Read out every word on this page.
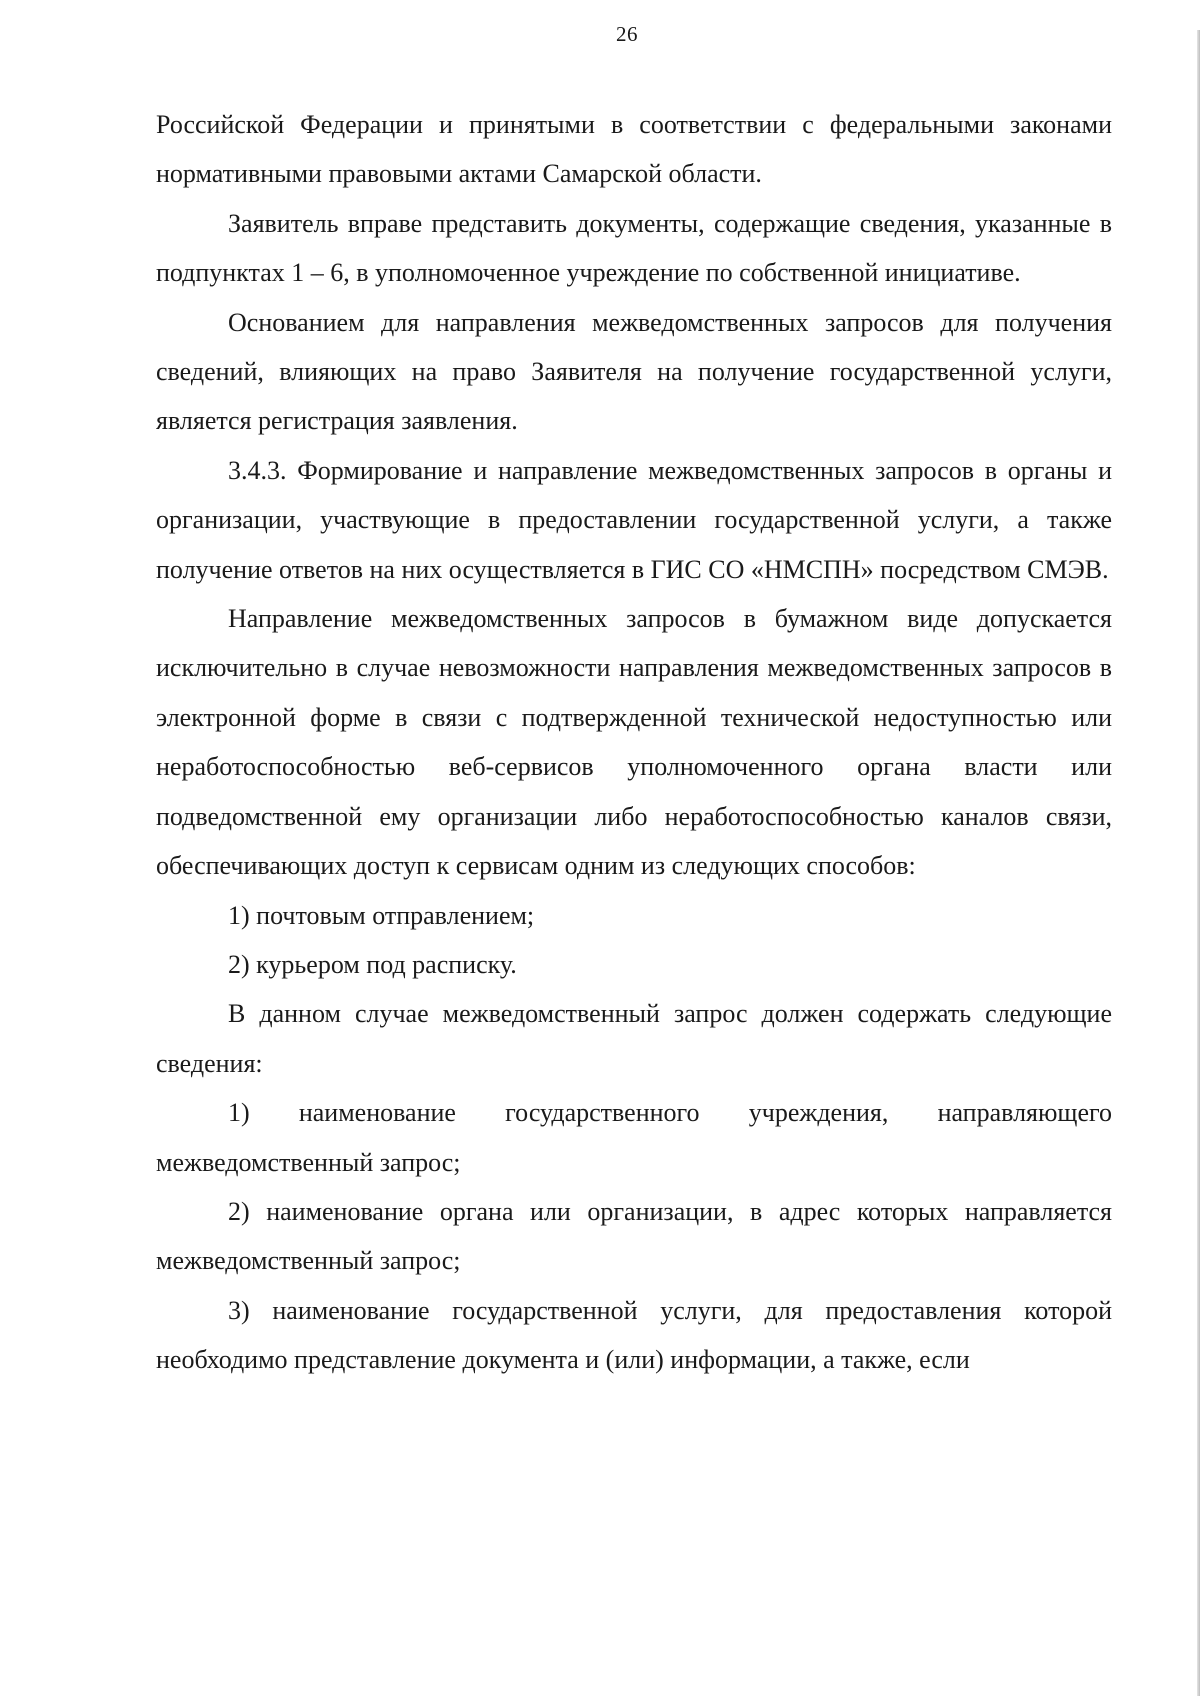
26

Российской Федерации и принятыми в соответствии с федеральными законами нормативными правовыми актами Самарской области.

Заявитель вправе представить документы, содержащие сведения, указанные в подпунктах 1 – 6, в уполномоченное учреждение по собственной инициативе.

Основанием для направления межведомственных запросов для получения сведений, влияющих на право Заявителя на получение государственной услуги, является регистрация заявления.

3.4.3. Формирование и направление межведомственных запросов в органы и организации, участвующие в предоставлении государственной услуги, а также получение ответов на них осуществляется в ГИС СО «НМСПН» посредством СМЭВ.

Направление межведомственных запросов в бумажном виде допускается исключительно в случае невозможности направления межведомственных запросов в электронной форме в связи с подтвержденной технической недоступностью или неработоспособностью веб-сервисов уполномоченного органа власти или подведомственной ему организации либо неработоспособностью каналов связи, обеспечивающих доступ к сервисам одним из следующих способов:

1) почтовым отправлением;

2) курьером под расписку.

В данном случае межведомственный запрос должен содержать следующие сведения:

1) наименование государственного учреждения, направляющего межведомственный запрос;

2) наименование органа или организации, в адрес которых направляется межведомственный запрос;

3) наименование государственной услуги, для предоставления которой необходимо представление документа и (или) информации, а также, если
